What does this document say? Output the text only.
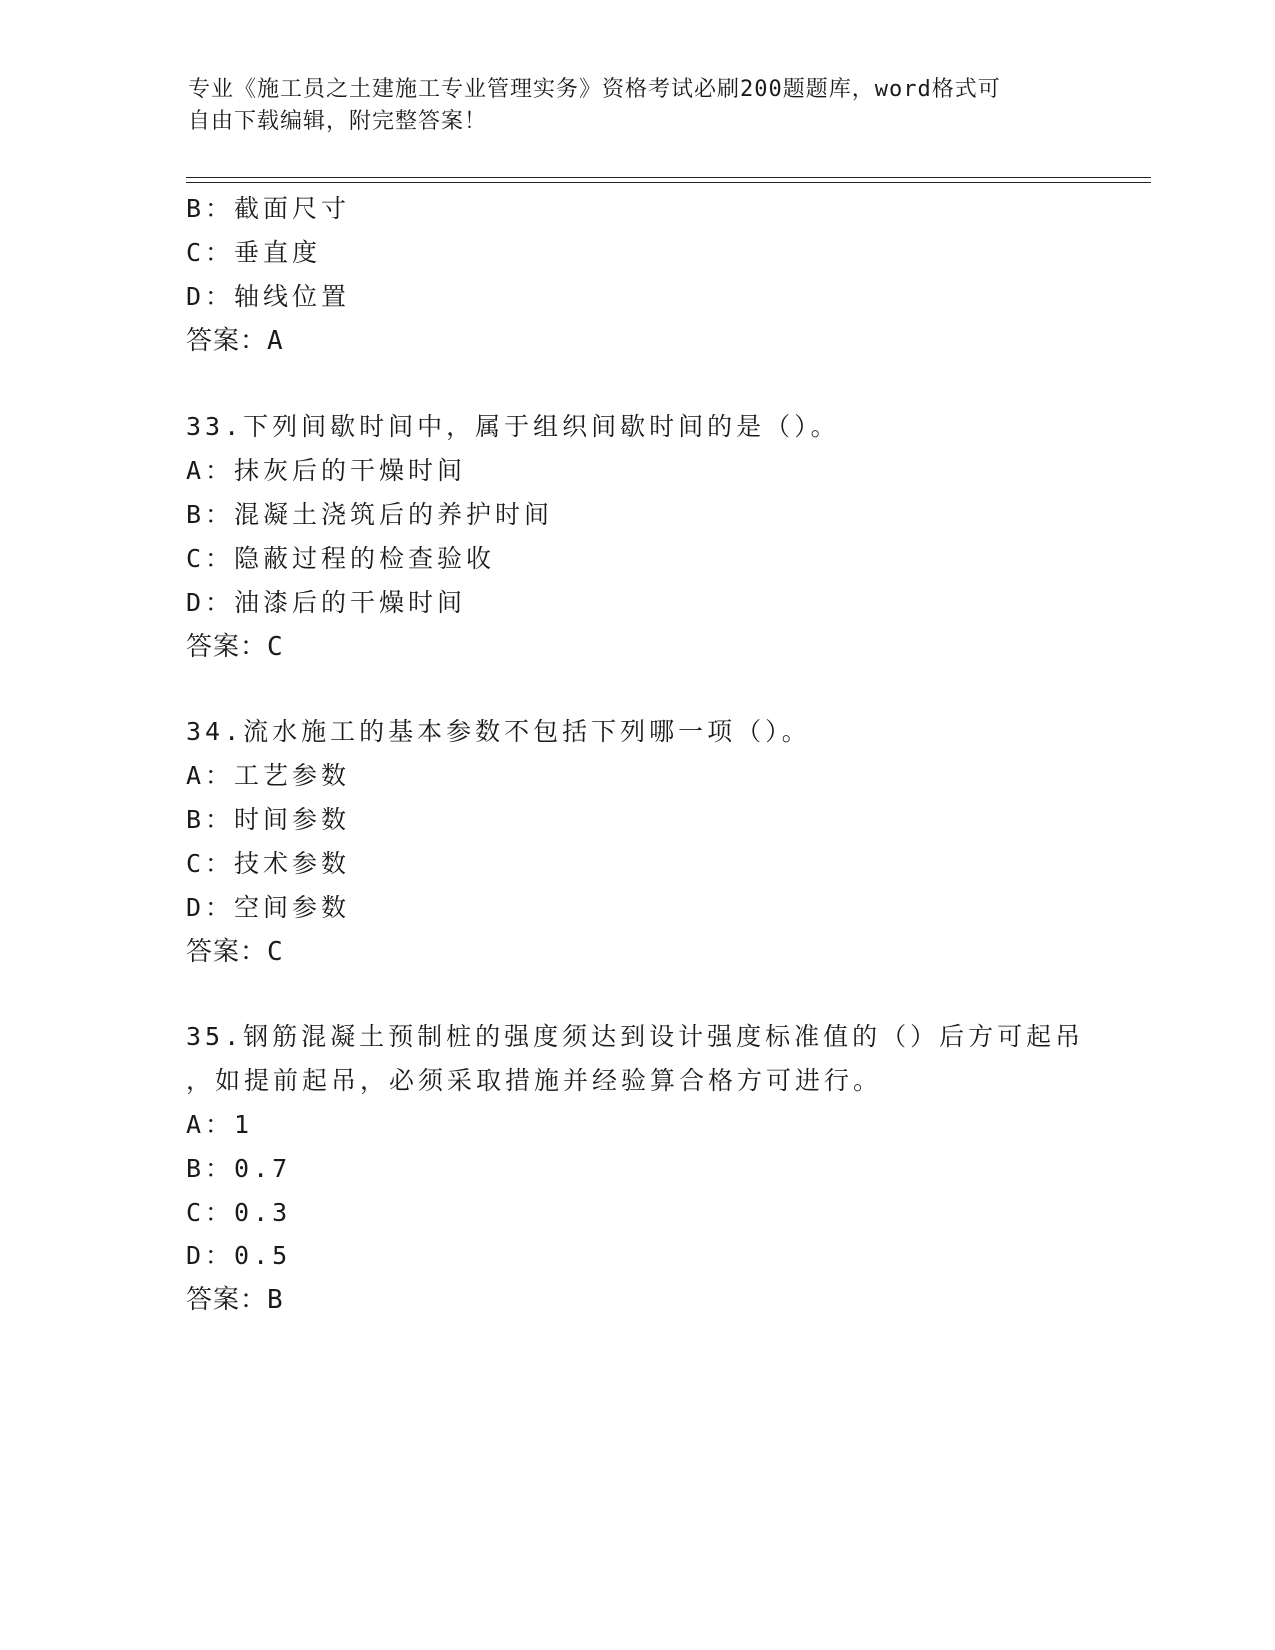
专业《施工员之土建施工专业管理实务》资格考试必刷200题题库，word格式可
自由下载编辑，附完整答案！
B：截面尺寸
C：垂直度
D：轴线位置
答案：A
33.下列间歇时间中，属于组织间歇时间的是（）。
A：抹灰后的干燥时间
B：混凝土浇筑后的养护时间
C：隐蔽过程的检查验收
D：油漆后的干燥时间
答案：C
34.流水施工的基本参数不包括下列哪一项（）。
A：工艺参数
B：时间参数
C：技术参数
D：空间参数
答案：C
35.钢筋混凝土预制桩的强度须达到设计强度标准值的（）后方可起吊
，如提前起吊，必须采取措施并经验算合格方可进行。
A：1
B：0.7
C：0.3
D：0.5
答案：B
